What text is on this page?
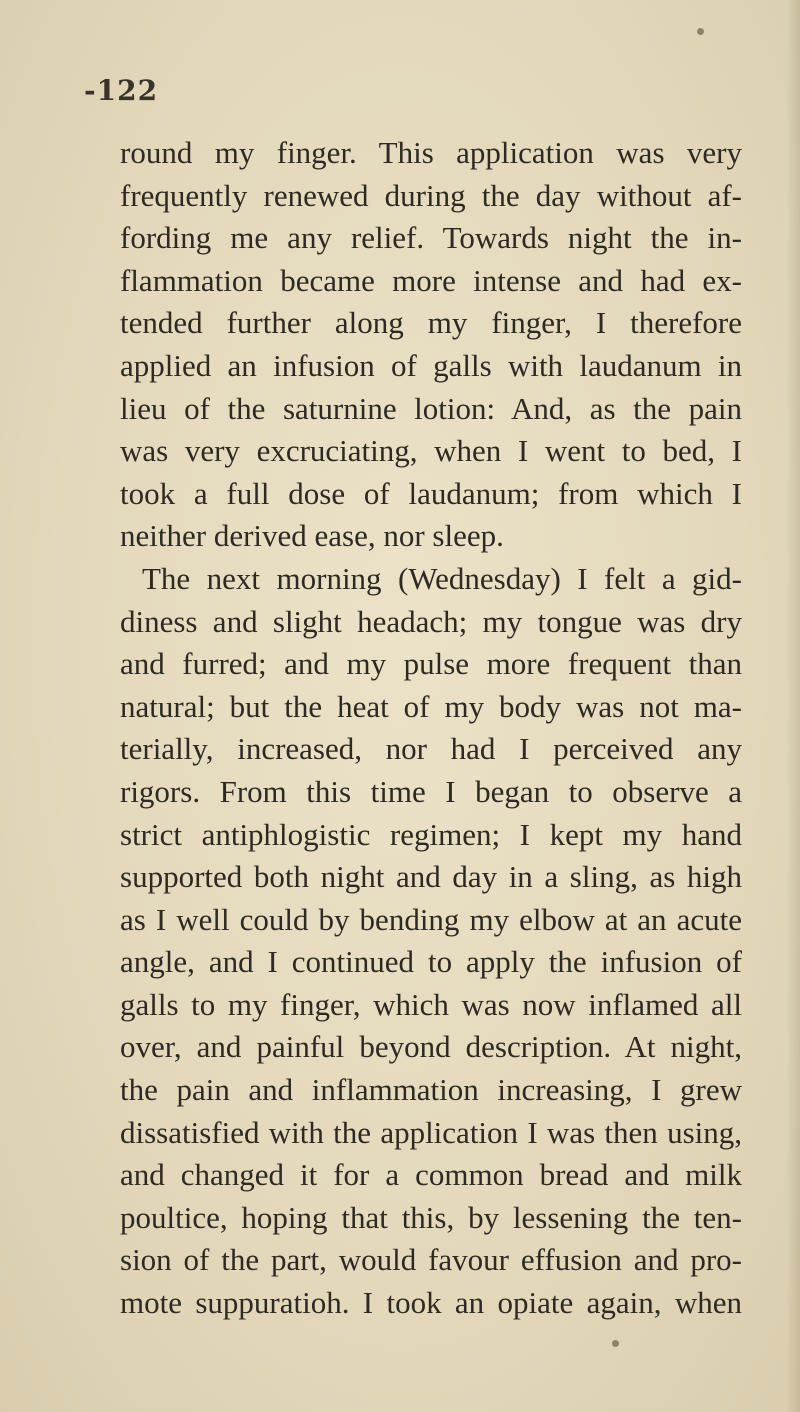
-122
round my finger. This application was very
frequently renewed during the day without af-
fording me any relief. Towards night the in-
flammation became more intense and had ex-
tended further along my finger, I therefore
applied an infusion of galls with laudanum in
lieu of the saturnine lotion: And, as the pain
was very excruciating, when I went to bed, I
took a full dose of laudanum; from which I
neither derived ease, nor sleep.
The next morning (Wednesday) I felt a gid-
diness and slight headach; my tongue was dry
and furred; and my pulse more frequent than
natural; but the heat of my body was not ma-
terially, increased, nor had I perceived any
rigors. From this time I began to observe a
strict antiphlogistic regimen; I kept my hand
supported both night and day in a sling, as high
as I well could by bending my elbow at an acute
angle, and I continued to apply the infusion of
galls to my finger, which was now inflamed all
over, and painful beyond description. At night,
the pain and inflammation increasing, I grew
dissatisfied with the application I was then using,
and changed it for a common bread and milk
poultice, hoping that this, by lessening the ten-
sion of the part, would favour effusion and pro-
mote suppuratioh. I took an opiate again, when
